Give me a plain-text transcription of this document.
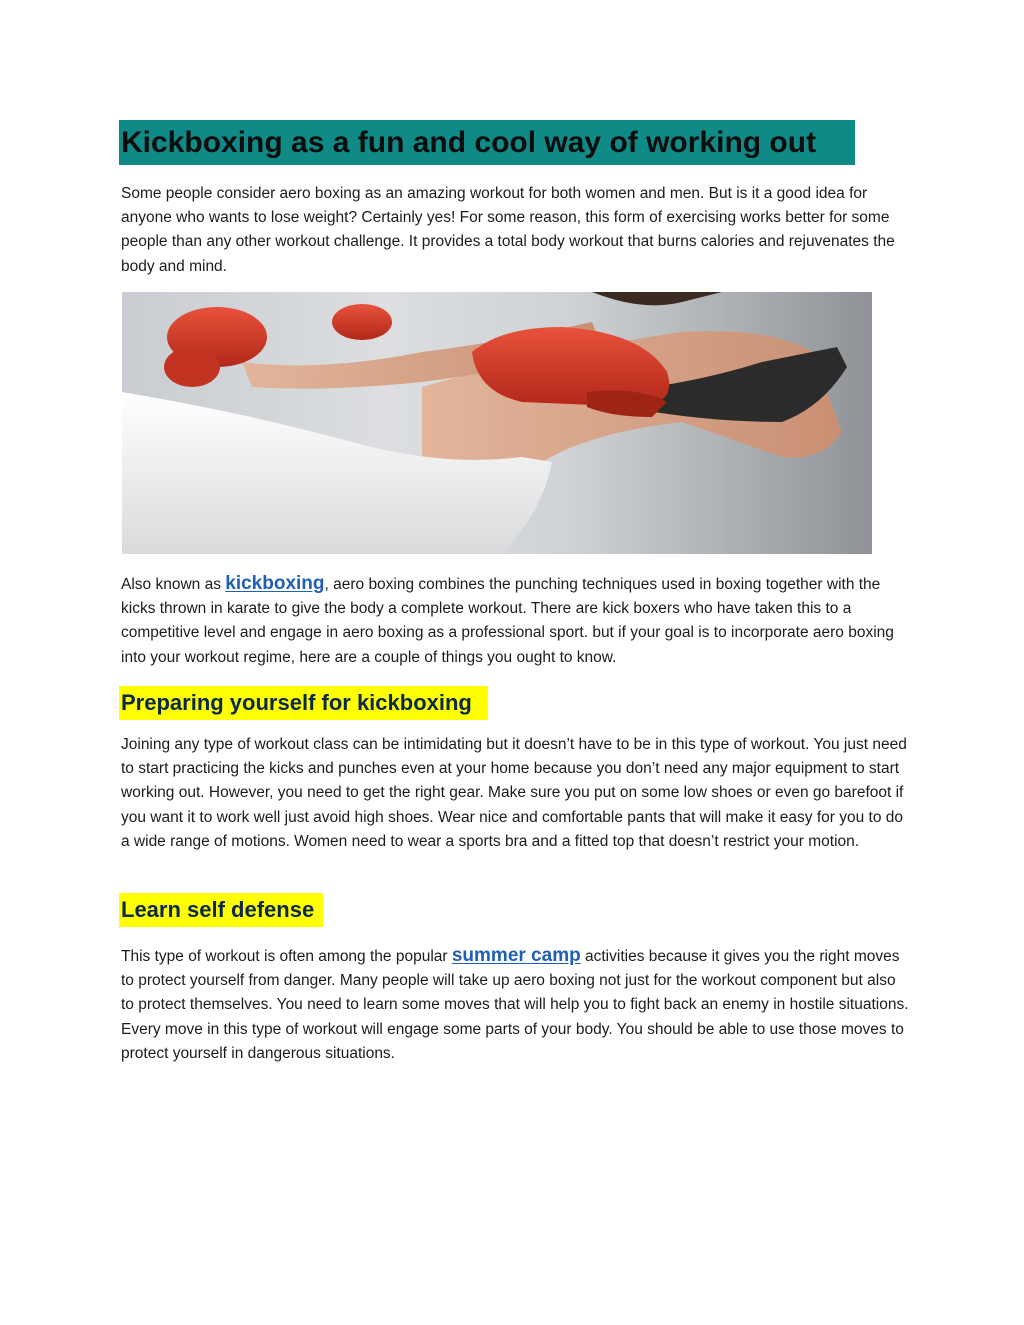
Kickboxing as a fun and cool way of working out

Some people consider aero boxing as an amazing workout for both women and men. But is it a good idea for anyone who wants to lose weight? Certainly yes! For some reason, this form of exercising works better for some people than any other workout challenge. It provides a total body workout that burns calories and rejuvenates the body and mind.

Also known as kickboxing, aero boxing combines the punching techniques used in boxing together with the kicks thrown in karate to give the body a complete workout. There are kick boxers who have taken this to a competitive level and engage in aero boxing as a professional sport. but if your goal is to incorporate aero boxing into your workout regime, here are a couple of things you ought to know.

Preparing yourself for kickboxing

Joining any type of workout class can be intimidating but it doesn’t have to be in this type of workout. You just need to start practicing the kicks and punches even at your home because you don’t need any major equipment to start working out. However, you need to get the right gear. Make sure you put on some low shoes or even go barefoot if you want it to work well just avoid high shoes. Wear nice and comfortable pants that will make it easy for you to do a wide range of motions. Women need to wear a sports bra and a fitted top that doesn’t restrict your motion.

Learn self defense

This type of workout is often among the popular summer camp activities because it gives you the right moves to protect yourself from danger. Many people will take up aero boxing not just for the workout component but also to protect themselves. You need to learn some moves that will help you to fight back an enemy in hostile situations. Every move in this type of workout will engage some parts of your body. You should be able to use those moves to protect yourself in dangerous situations.
